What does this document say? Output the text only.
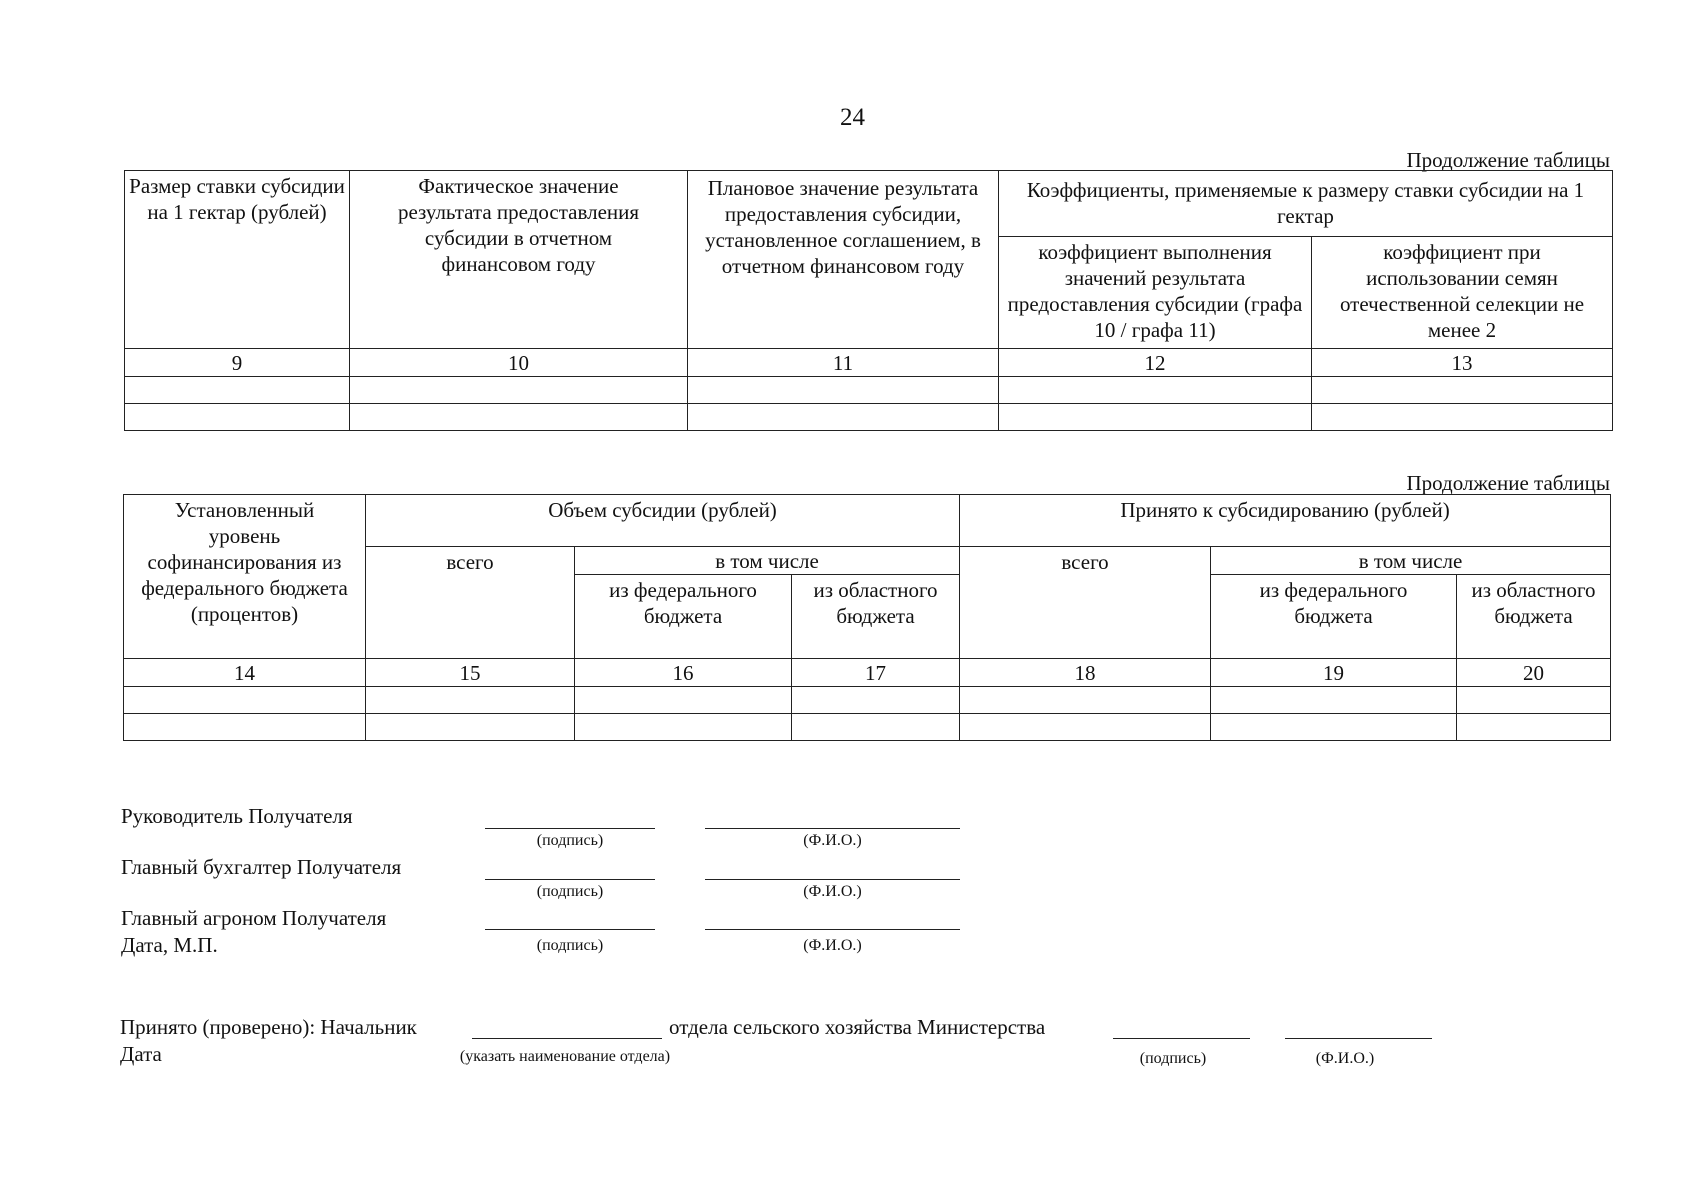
24
Продолжение таблицы
Размер ставки субсидии на 1 гектар (рублей)	Фактическое значение результата предоставления субсидии в отчетном финансовом году	Плановое значение результата предоставления субсидии, установленное соглашением, в отчетном финансовом году	Коэффициенты, применяемые к размеру ставки субсидии на 1 гектар	
			коэффициент выполнения значений результата предоставления субсидии (графа 10 / графа 11)	коэффициент при использовании семян отечественной селекции не менее 2
9	10	11	12	13

Продолжение таблицы
Установленный уровень софинансирования из федерального бюджета (процентов)	Объем субсидии (рублей)			Принято к субсидированию (рублей)		
	всего	в том числе		всего	в том числе	
		из федерального бюджета	из областного бюджета		из федерального бюджета	из областного бюджета
14	15	16	17	18	19	20

Руководитель Получателя
(подпись)	(Ф.И.О.)
Главный бухгалтер Получателя
(подпись)	(Ф.И.О.)
Главный агроном Получателя
Дата, М.П.	(подпись)	(Ф.И.О.)
Принято (проверено): Начальник	отдела сельского хозяйства Министерства
Дата	(указать наименование отдела)	(подпись)	(Ф.И.О.)
